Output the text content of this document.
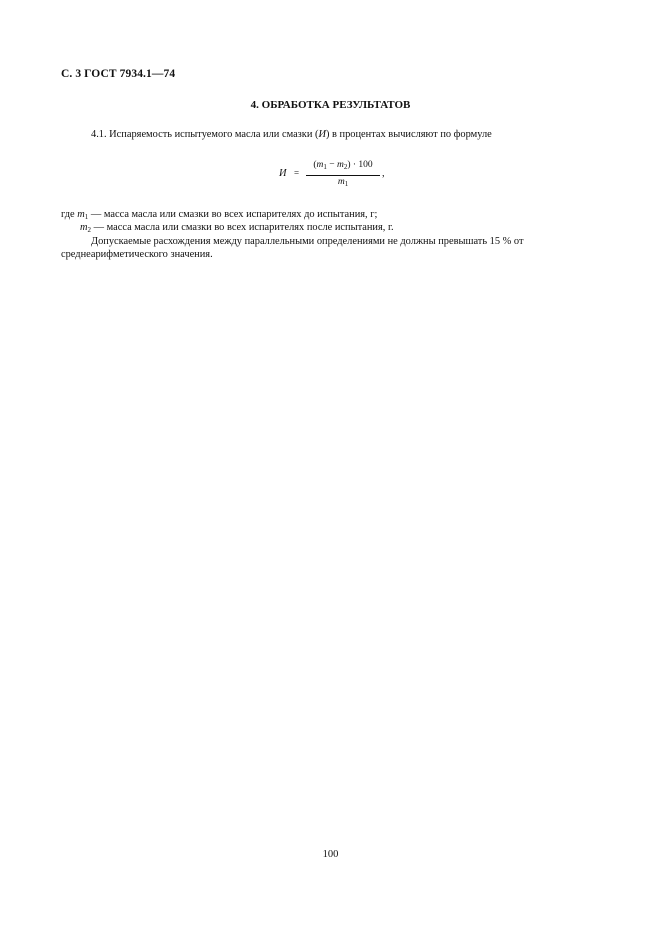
С. 3 ГОСТ 7934.1—74
4. ОБРАБОТКА РЕЗУЛЬТАТОВ
4.1. Испаряемость испытуемого масла или смазки (И) в процентах вычисляют по формуле
И =
$(m_1 - m_2) \cdot 100$
$m_1$
,
где $m_1$ — масса масла или смазки во всех испарителях до испытания, г;
$m_2$ — масса масла или смазки во всех испарителях после испытания, г.
Допускаемые расхождения между параллельными определениями не должны превышать 15 % от
среднеарифметического значения.
100
